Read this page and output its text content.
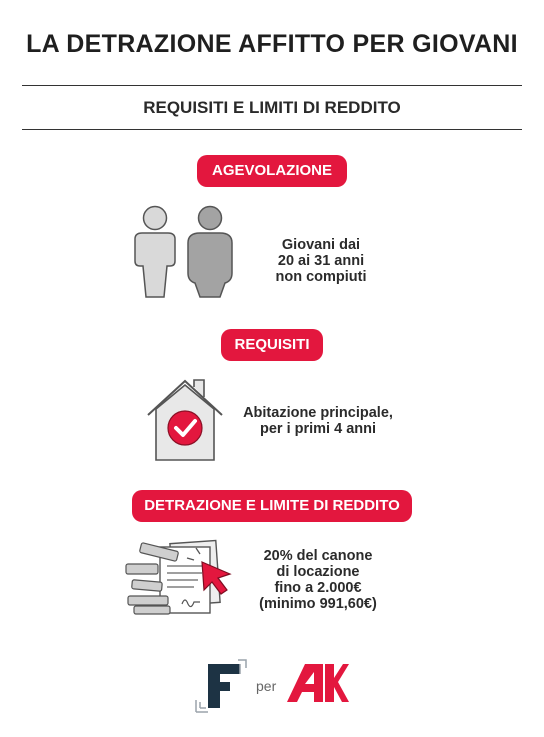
LA DETRAZIONE AFFITTO PER GIOVANI
REQUISITI E LIMITI DI REDDITO
AGEVOLAZIONE
Giovani dai
20 ai 31 anni
non compiuti
REQUISITI
Abitazione principale,
per i primi 4 anni
DETRAZIONE E LIMITE DI REDDITO
20% del canone
di locazione
fino a 2.000€
(minimo 991,60€)
per
